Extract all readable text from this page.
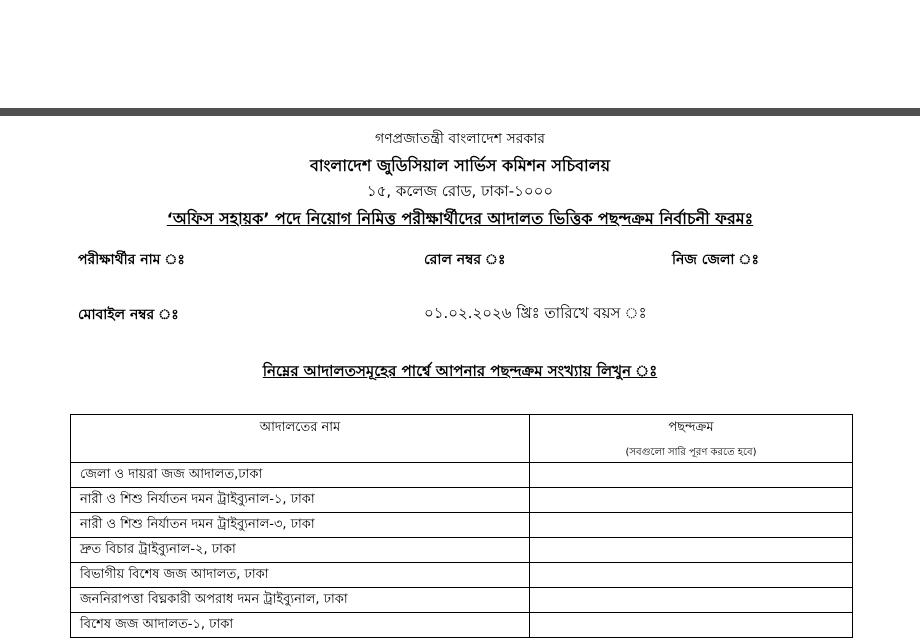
গণপ্রজাতন্ত্রী বাংলাদেশ সরকার
বাংলাদেশ জুডিসিয়াল সার্ভিস কমিশন সচিবালয়
১৫, কলেজ রোড, ঢাকা-১০০০
‘অফিস সহায়ক’ পদে নিয়োগ নিমিত্ত পরীক্ষার্থীদের আদালত ভিত্তিক পছন্দক্রম নির্বাচনী ফরমঃ
পরীক্ষার্থীর নাম ঃ	রোল নম্বর ঃ	নিজ জেলা ঃ
মোবাইল নম্বর ঃ	০১.০২.২০২৬ খ্রিঃ তারিখে বয়স ঃ
নিম্নের আদালতসমূহের পার্শ্বে আপনার পছন্দক্রম সংখ্যায় লিখুন ঃ
আদালতের নাম	পছন্দক্রম
(সবগুলো সারি পূরণ করতে হবে)

জেলা ও দায়রা জজ আদালত,ঢাকা	
নারী ও শিশু নির্যাতন দমন ট্রাইব্যুনাল-১, ঢাকা	
নারী ও শিশু নির্যাতন দমন ট্রাইব্যুনাল-৩, ঢাকা	
দ্রুত বিচার ট্রাইব্যুনাল-২, ঢাকা	
বিভাগীয় বিশেষ জজ আদালত, ঢাকা	
জননিরাপত্তা বিঘ্নকারী অপরাধ দমন ট্রাইব্যুনাল, ঢাকা	
বিশেষ জজ আদালত-১, ঢাকা	
